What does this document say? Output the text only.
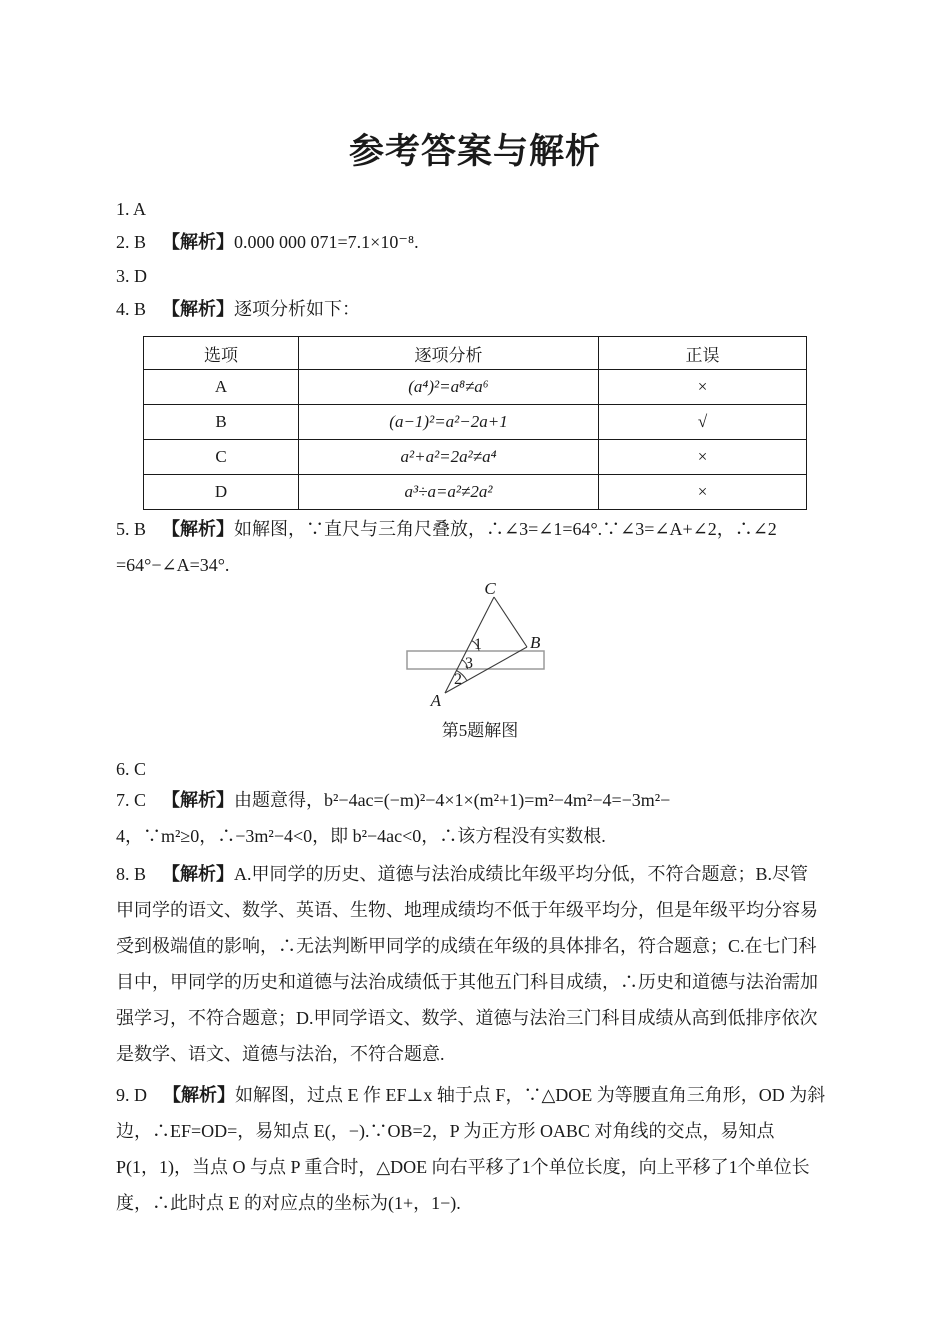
参考答案与解析
1. A
2. B 【解析】0.000 000 071=7.1×10⁻⁸.
3. D
4. B 【解析】逐项分析如下：
选项	逐项分析	正误
A	(a⁴)²=a⁸≠a⁶	×
B	(a−1)²=a²−2a+1	√
C	a²+a²=2a²≠a⁴	×
D	a³÷a=a²≠2a²	×
5. B 【解析】如解图，∵直尺与三角尺叠放，∴∠3=∠1=64°.∵∠3=∠A+∠2，∴∠2
=64°−∠A=34°.
C
B
A
1
3
2
第5题解图
6. C
7. C 【解析】由题意得，b²−4ac=(−m)²−4×1×(m²+1)=m²−4m²−4=−3m²−
4，∵m²≥0，∴−3m²−4<0，即 b²−4ac<0，∴该方程没有实数根.
8. B 【解析】A.甲同学的历史、道德与法治成绩比年级平均分低，不符合题意；B.尽管
甲同学的语文、数学、英语、生物、地理成绩均不低于年级平均分，但是年级平均分容易
受到极端值的影响，∴无法判断甲同学的成绩在年级的具体排名，符合题意；C.在七门科
目中，甲同学的历史和道德与法治成绩低于其他五门科目成绩，∴历史和道德与法治需加
强学习，不符合题意；D.甲同学语文、数学、道德与法治三门科目成绩从高到低排序依次
是数学、语文、道德与法治，不符合题意.
9. D 【解析】如解图，过点 E 作 EF⊥x 轴于点 F，∵△DOE 为等腰直角三角形，OD 为斜
边，∴EF=OD=，易知点 E(，−).∵OB=2，P 为正方形 OABC 对角线的交点，易知点
P(1，1)，当点 O 与点 P 重合时，△DOE 向右平移了1个单位长度，向上平移了1个单位长
度，∴此时点 E 的对应点的坐标为(1+，1−).
